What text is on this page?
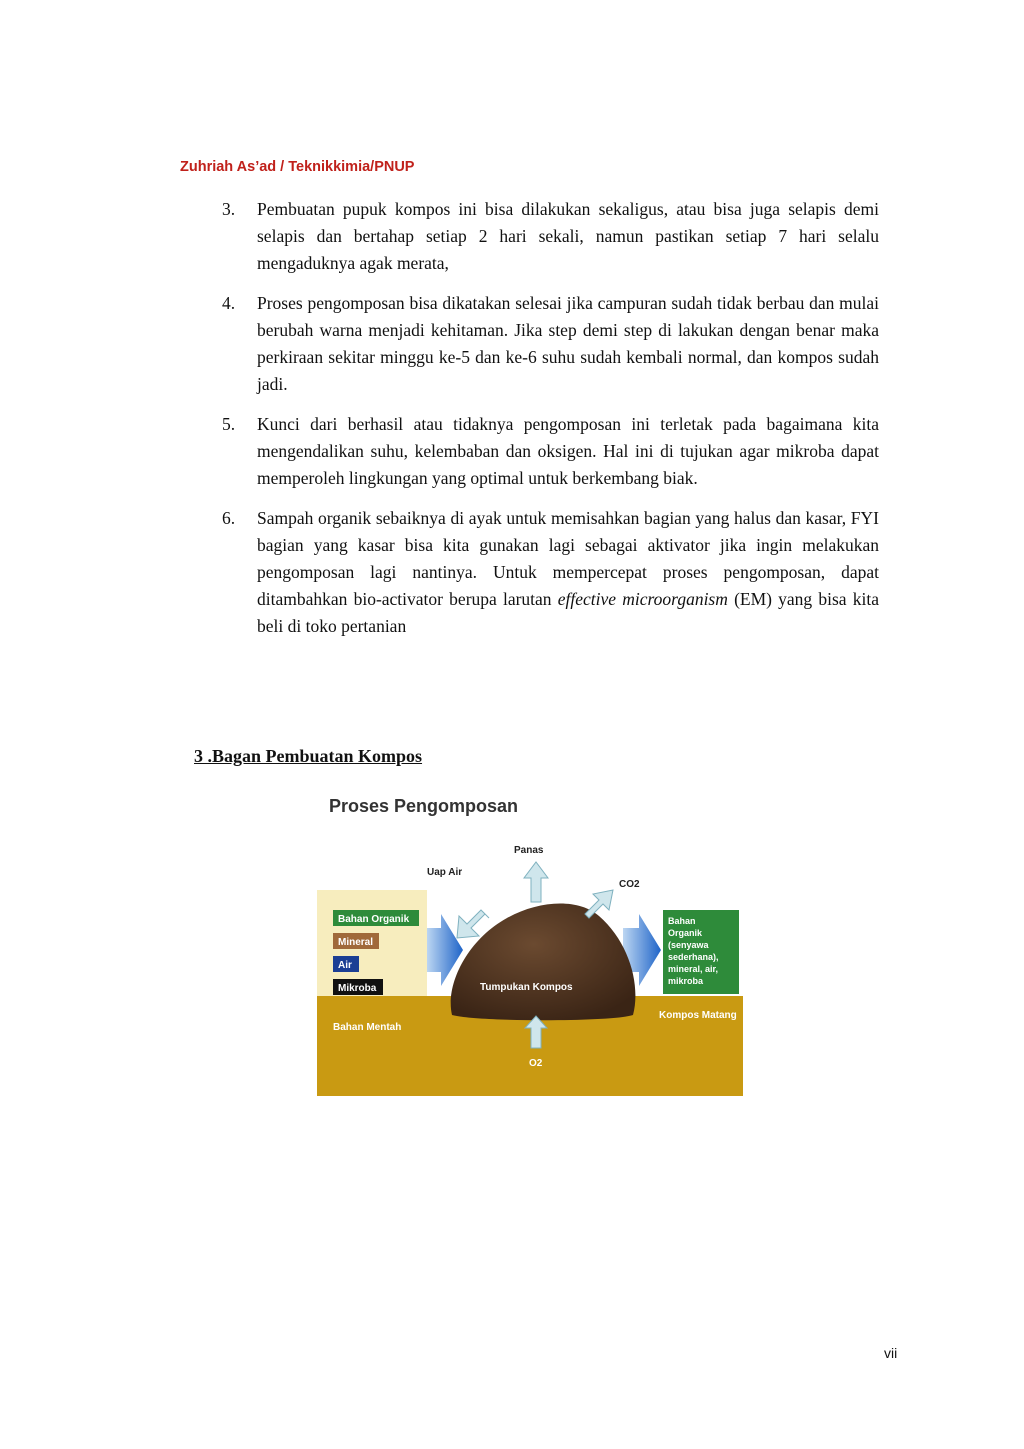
Zuhriah As’ad / Teknikkimia/PNUP
3. Pembuatan pupuk kompos ini bisa dilakukan sekaligus, atau bisa juga selapis demi selapis dan bertahap setiap 2 hari sekali, namun pastikan setiap 7 hari selalu mengaduknya agak merata,
4. Proses pengomposan bisa dikatakan selesai jika campuran sudah tidak berbau dan mulai berubah warna menjadi kehitaman. Jika step demi step di lakukan dengan benar maka perkiraan sekitar minggu ke-5 dan ke-6 suhu sudah kembali normal, dan kompos sudah jadi.
5. Kunci dari berhasil atau tidaknya pengomposan ini terletak pada bagaimana kita mengendalikan suhu, kelembaban dan oksigen. Hal ini di tujukan agar mikroba dapat memperoleh lingkungan yang optimal untuk berkembang biak.
6. Sampah organik sebaiknya di ayak untuk memisahkan bagian yang halus dan kasar, FYI bagian yang kasar bisa kita gunakan lagi sebagai aktivator jika ingin melakukan pengomposan lagi nantinya. Untuk mempercepat proses pengomposan, dapat ditambahkan bio-activator berupa larutan effective microorganism (EM) yang bisa kita beli di toko pertanian
3 .Bagan Pembuatan Kompos
Bahan Organik
Mineral
Air
Mikroba
Bahan Mentah
Tumpukan Kompos
Uap Air
Panas
CO2
O2
Bahan
Organik
(senyawa
sederhana),
mineral, air,
mikroba
Kompos Matang
Proses Pengomposan
vii
